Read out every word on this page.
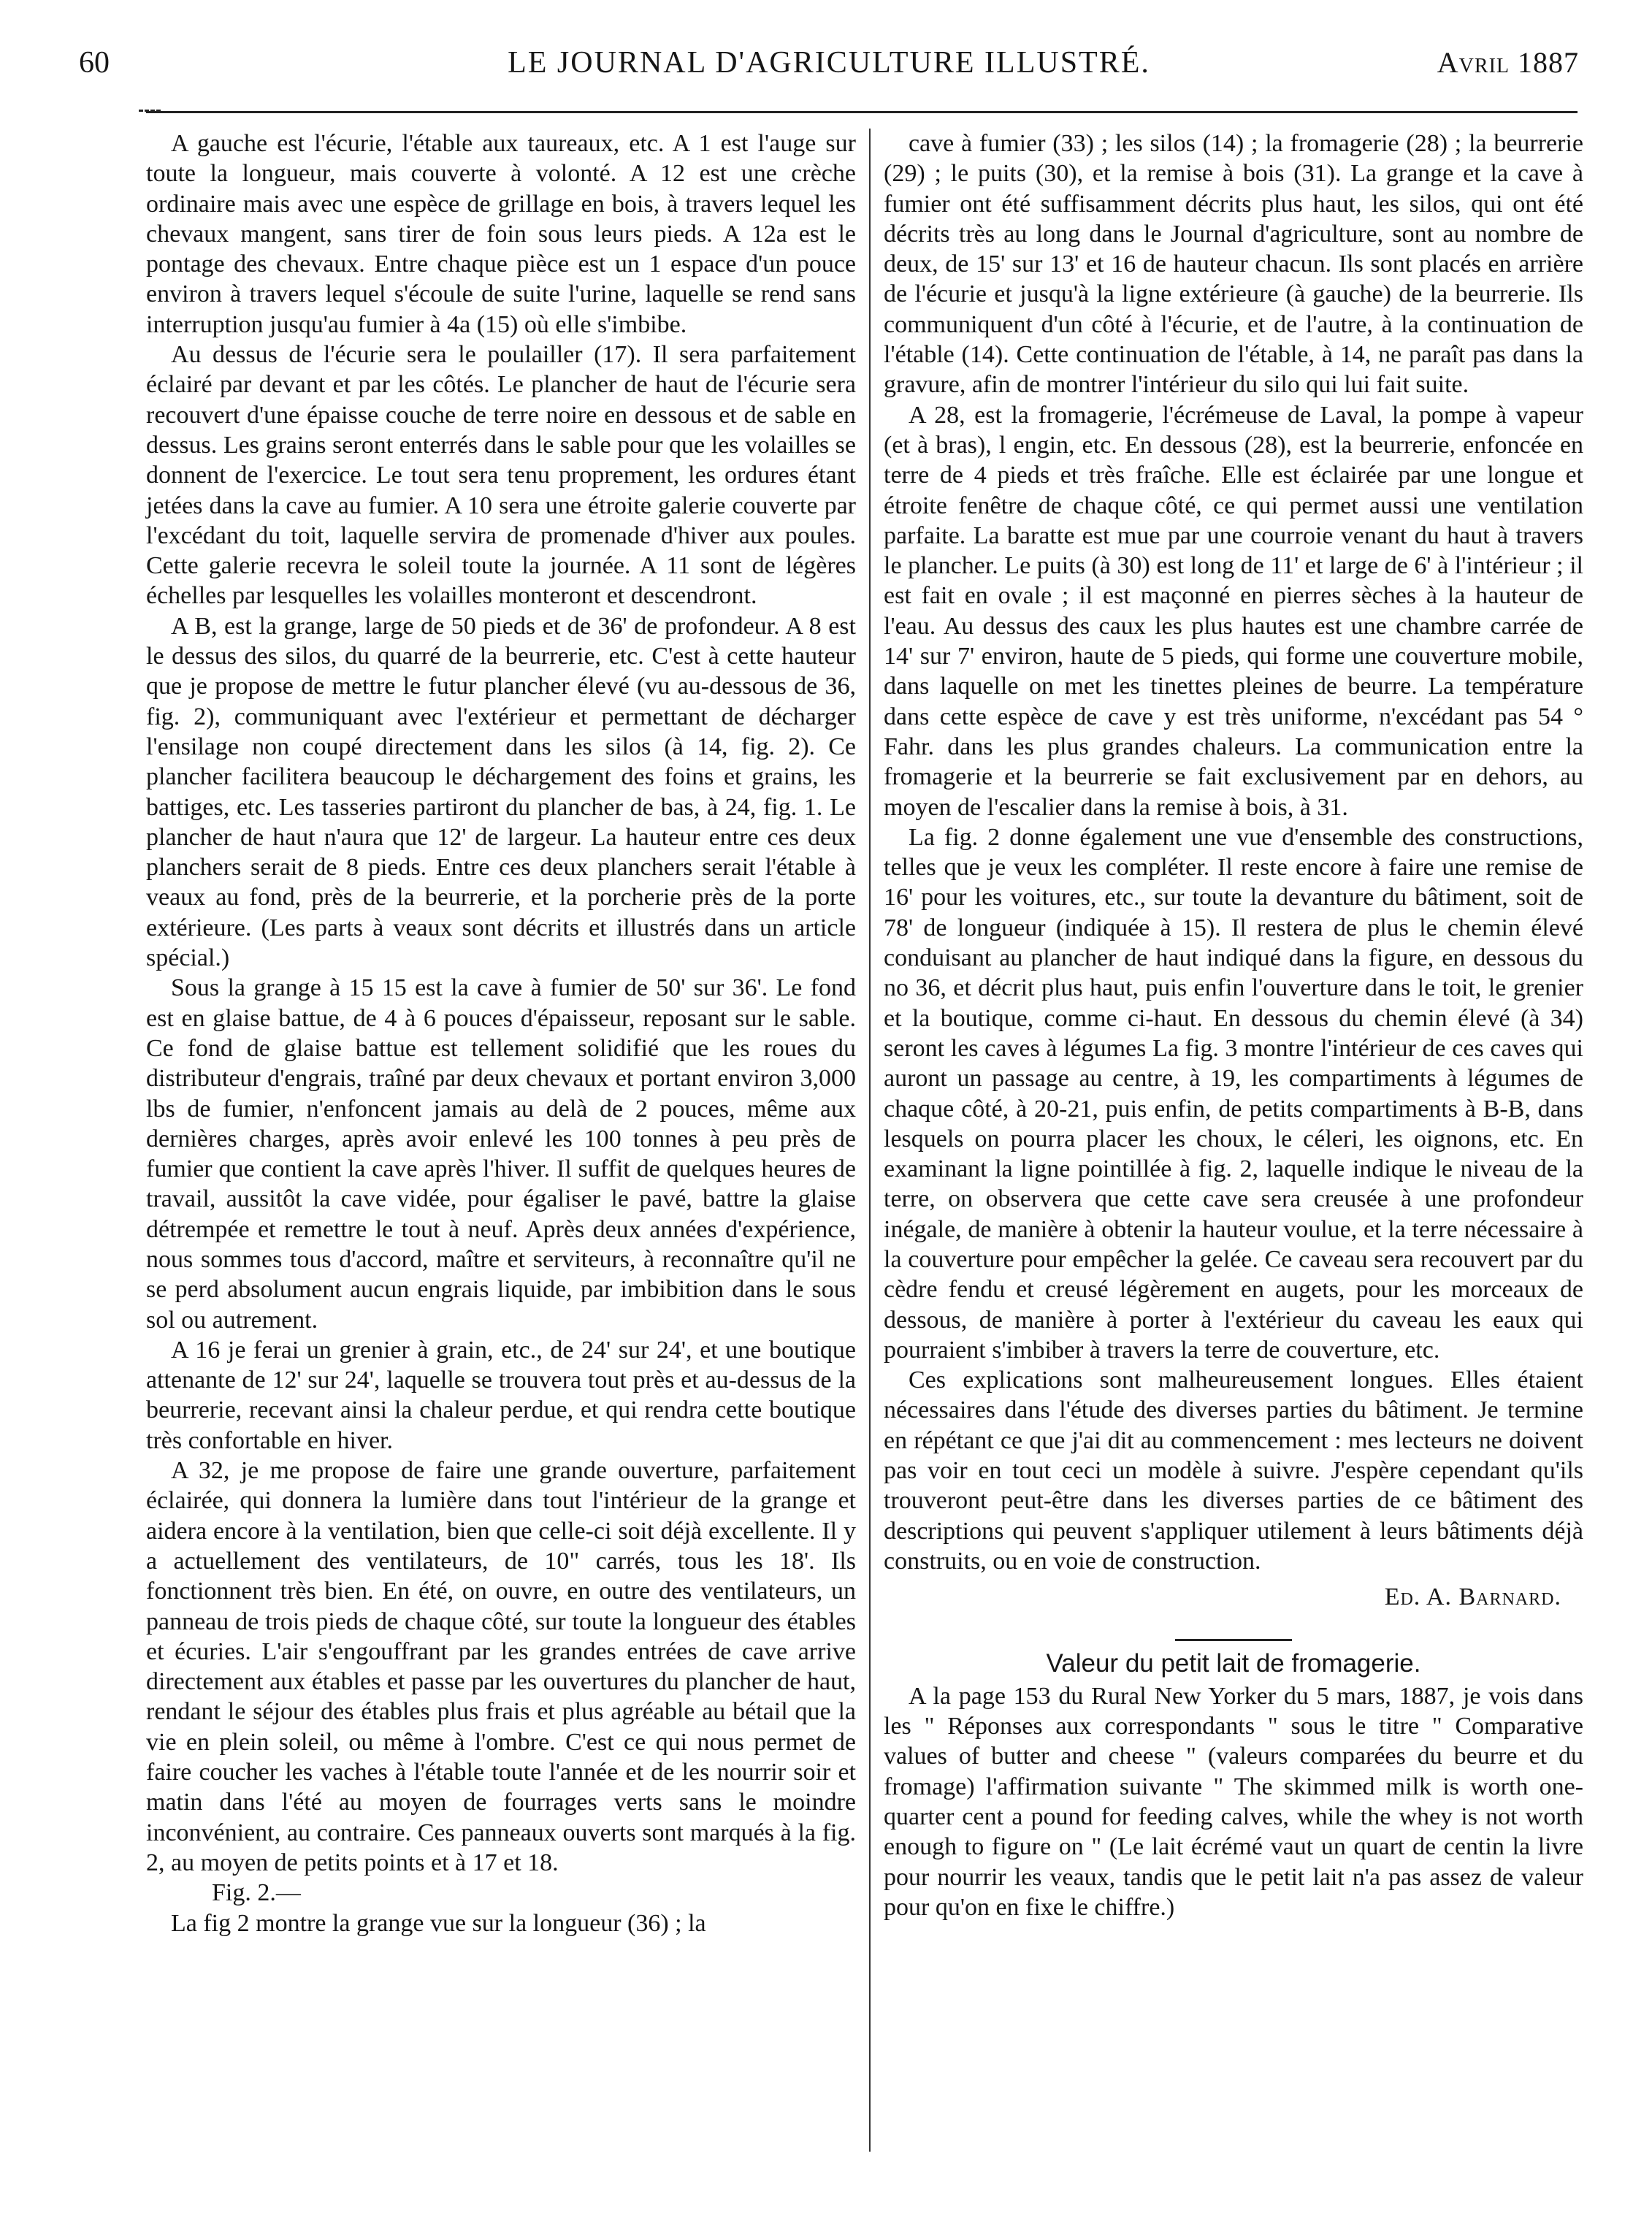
60	LE JOURNAL D'AGRICULTURE ILLUSTRÉ.	Avril 1887

A gauche est l'écurie, l'étable aux taureaux, etc. A 1 est l'auge sur toute la longueur, mais couverte à volonté. A 12 est une crèche ordinaire mais avec une espèce de grillage en bois, à travers lequel les chevaux mangent, sans tirer de foin sous leurs pieds. A 12a est le pontage des chevaux. Entre chaque pièce est un 1 espace d'un pouce environ à travers lequel s'écoule de suite l'urine, laquelle se rend sans interruption jusqu'au fumier à 4a (15) où elle s'imbibe.

Au dessus de l'écurie sera le poulailler (17). Il sera parfaitement éclairé par devant et par les côtés. Le plancher de haut de l'écurie sera recouvert d'une épaisse couche de terre noire en dessous et de sable en dessus. Les grains seront enterrés dans le sable pour que les volailles se donnent de l'exercice. Le tout sera tenu proprement, les ordures étant jetées dans la cave au fumier. A 10 sera une étroite galerie couverte par l'excédant du toit, laquelle servira de promenade d'hiver aux poules. Cette galerie recevra le soleil toute la journée. A 11 sont de légères échelles par lesquelles les volailles monteront et descendront.

A B, est la grange, large de 50 pieds et de 36' de profondeur. A 8 est le dessus des silos, du quarré de la beurrerie, etc. C'est à cette hauteur que je propose de mettre le futur plancher élevé (vu au-dessous de 36, fig. 2), communiquant avec l'extérieur et permettant de décharger l'ensilage non coupé directement dans les silos (à 14, fig. 2). Ce plancher facilitera beaucoup le déchargement des foins et grains, les battiges, etc. Les tasseries partiront du plancher de bas, à 24, fig. 1. Le plancher de haut n'aura que 12' de largeur. La hauteur entre ces deux planchers serait de 8 pieds. Entre ces deux planchers serait l'étable à veaux au fond, près de la beurrerie, et la porcherie près de la porte extérieure. (Les parts à veaux sont décrits et illustrés dans un article spécial.)

Sous la grange à 15 15 est la cave à fumier de 50' sur 36'. Le fond est en glaise battue, de 4 à 6 pouces d'épaisseur, reposant sur le sable. Ce fond de glaise battue est tellement solidifié que les roues du distributeur d'engrais, traîné par deux chevaux et portant environ 3,000 lbs de fumier, n'enfoncent jamais au delà de 2 pouces, même aux dernières charges, après avoir enlevé les 100 tonnes à peu près de fumier que contient la cave après l'hiver. Il suffit de quelques heures de travail, aussitôt la cave vidée, pour égaliser le pavé, battre la glaise détrempée et remettre le tout à neuf. Après deux années d'expérience, nous sommes tous d'accord, maître et serviteurs, à reconnaître qu'il ne se perd absolument aucun engrais liquide, par imbibition dans le sous sol ou autrement.

A 16 je ferai un grenier à grain, etc., de 24' sur 24', et une boutique attenante de 12' sur 24', laquelle se trouvera tout près et au-dessus de la beurrerie, recevant ainsi la chaleur perdue, et qui rendra cette boutique très confortable en hiver.

A 32, je me propose de faire une grande ouverture, parfaitement éclairée, qui donnera la lumière dans tout l'intérieur de la grange et aidera encore à la ventilation, bien que celle-ci soit déjà excellente. Il y a actuellement des ventilateurs, de 10" carrés, tous les 18'. Ils fonctionnent très bien. En été, on ouvre, en outre des ventilateurs, un panneau de trois pieds de chaque côté, sur toute la longueur des étables et écuries. L'air s'engouffrant par les grandes entrées de cave arrive directement aux étables et passe par les ouvertures du plancher de haut, rendant le séjour des étables plus frais et plus agréable au bétail que la vie en plein soleil, ou même à l'ombre. C'est ce qui nous permet de faire coucher les vaches à l'étable toute l'année et de les nourrir soir et matin dans l'été au moyen de fourrages verts sans le moindre inconvénient, au contraire. Ces panneaux ouverts sont marqués à la fig. 2, au moyen de petits points et à 17 et 18.

Fig. 2.—

La fig 2 montre la grange vue sur la longueur (36) ; la

cave à fumier (33) ; les silos (14) ; la fromagerie (28) ; la beurrerie (29) ; le puits (30), et la remise à bois (31). La grange et la cave à fumier ont été suffisamment décrits plus haut, les silos, qui ont été décrits très au long dans le Journal d'agriculture, sont au nombre de deux, de 15' sur 13' et 16 de hauteur chacun. Ils sont placés en arrière de l'écurie et jusqu'à la ligne extérieure (à gauche) de la beurrerie. Ils communiquent d'un côté à l'écurie, et de l'autre, à la continuation de l'étable (14). Cette continuation de l'étable, à 14, ne paraît pas dans la gravure, afin de montrer l'intérieur du silo qui lui fait suite.

A 28, est la fromagerie, l'écrémeuse de Laval, la pompe à vapeur (et à bras), l engin, etc. En dessous (28), est la beurrerie, enfoncée en terre de 4 pieds et très fraîche. Elle est éclairée par une longue et étroite fenêtre de chaque côté, ce qui permet aussi une ventilation parfaite. La baratte est mue par une courroie venant du haut à travers le plancher. Le puits (à 30) est long de 11' et large de 6' à l'intérieur ; il est fait en ovale ; il est maçonné en pierres sèches à la hauteur de l'eau. Au dessus des caux les plus hautes est une chambre carrée de 14' sur 7' environ, haute de 5 pieds, qui forme une couverture mobile, dans laquelle on met les tinettes pleines de beurre. La température dans cette espèce de cave y est très uniforme, n'excédant pas 54 ° Fahr. dans les plus grandes chaleurs. La communication entre la fromagerie et la beurrerie se fait exclusivement par en dehors, au moyen de l'escalier dans la remise à bois, à 31.

La fig. 2 donne également une vue d'ensemble des constructions, telles que je veux les compléter. Il reste encore à faire une remise de 16' pour les voitures, etc., sur toute la devanture du bâtiment, soit de 78' de longueur (indiquée à 15). Il restera de plus le chemin élevé conduisant au plancher de haut indiqué dans la figure, en dessous du no 36, et décrit plus haut, puis enfin l'ouverture dans le toit, le grenier et la boutique, comme ci-haut. En dessous du chemin élevé (à 34) seront les caves à légumes La fig. 3 montre l'intérieur de ces caves qui auront un passage au centre, à 19, les compartiments à légumes de chaque côté, à 20-21, puis enfin, de petits compartiments à B-B, dans lesquels on pourra placer les choux, le céleri, les oignons, etc. En examinant la ligne pointillée à fig. 2, laquelle indique le niveau de la terre, on observera que cette cave sera creusée à une profondeur inégale, de manière à obtenir la hauteur voulue, et la terre nécessaire à la couverture pour empêcher la gelée. Ce caveau sera recouvert par du cèdre fendu et creusé légèrement en augets, pour les morceaux de dessous, de manière à porter à l'extérieur du caveau les eaux qui pourraient s'imbiber à travers la terre de couverture, etc.

Ces explications sont malheureusement longues. Elles étaient nécessaires dans l'étude des diverses parties du bâtiment. Je termine en répétant ce que j'ai dit au commencement : mes lecteurs ne doivent pas voir en tout ceci un modèle à suivre. J'espère cependant qu'ils trouveront peut-être dans les diverses parties de ce bâtiment des descriptions qui peuvent s'appliquer utilement à leurs bâtiments déjà construits, ou en voie de construction.

Ed. A. Barnard.
Valeur du petit lait de fromagerie.

A la page 153 du Rural New Yorker du 5 mars, 1887, je vois dans les " Réponses aux correspondants " sous le titre " Comparative values of butter and cheese " (valeurs comparées du beurre et du fromage) l'affirmation suivante " The skimmed milk is worth one-quarter cent a pound for feeding calves, while the whey is not worth enough to figure on " (Le lait écrémé vaut un quart de centin la livre pour nourrir les veaux, tandis que le petit lait n'a pas assez de valeur pour qu'on en fixe le chiffre.)
